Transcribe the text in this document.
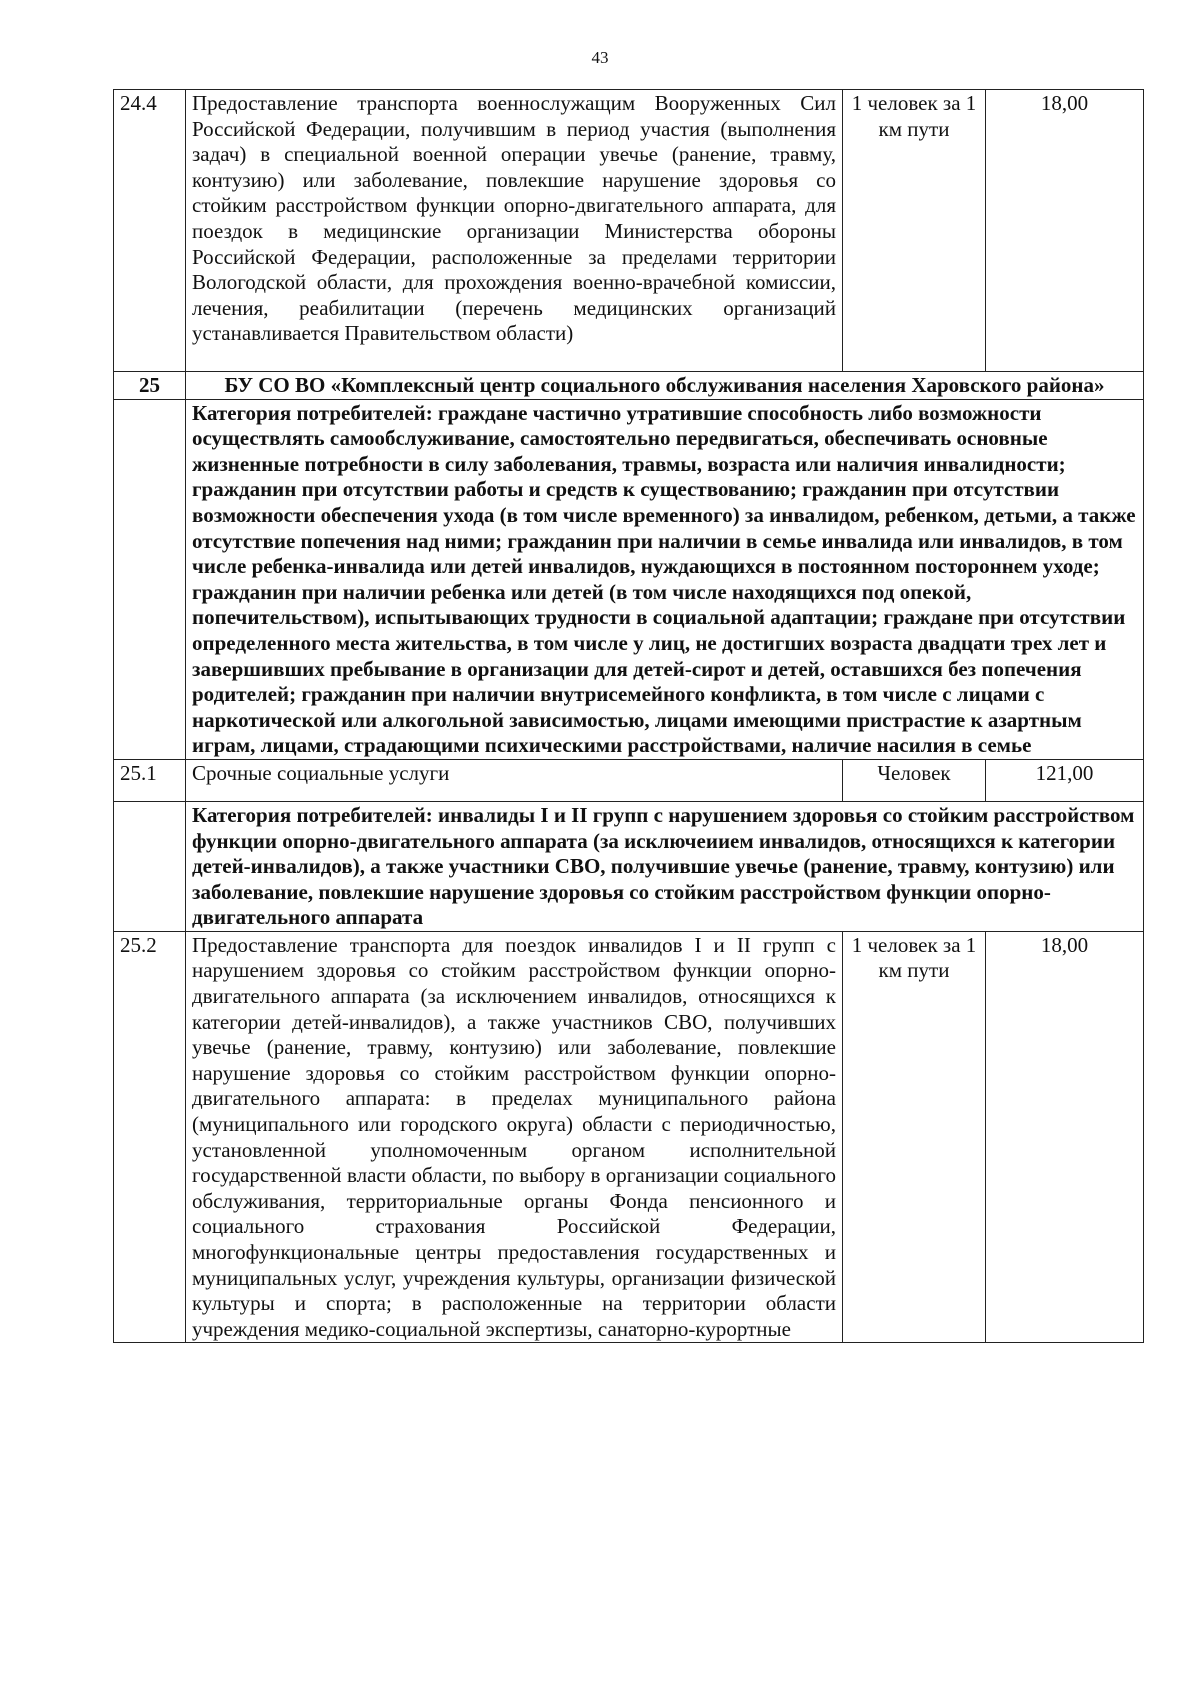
43
24.4	Предоставление транспорта военнослужащим Вооруженных Сил Российской Федерации, получившим в период участия (выполнения задач) в специальной военной операции увечье (ранение, травму, контузию) или заболевание, повлекшие нарушение здоровья со стойким расстройством функции опорно-двигательного аппарата, для поездок в медицинские организации Министерства обороны Российской Федерации, расположенные за пределами территории Вологодской области, для прохождения военно-врачебной комиссии, лечения, реабилитации (перечень медицинских организаций устанавливается Правительством области)	1 человек за 1 км пути	18,00
25	БУ СО ВО «Комплексный центр социального обслуживания населения Харовского района»		
	Категория потребителей: граждане частично утратившие способность либо возможности осуществлять самообслуживание, самостоятельно передвигаться, обеспечивать основные жизненные потребности в силу заболевания, травмы, возраста или наличия инвалидности; гражданин при отсутствии работы и средств к существованию; гражданин при отсутствии возможности обеспечения ухода (в том числе временного) за инвалидом, ребенком, детьми, а также отсутствие попечения над ними; гражданин при наличии в семье инвалида или инвалидов, в том числе ребенка-инвалида или детей инвалидов, нуждающихся в постоянном постороннем уходе; гражданин при наличии ребенка или детей (в том числе находящихся под опекой, попечительством), испытывающих трудности в социальной адаптации; граждане при отсутствии определенного места жительства, в том числе у лиц, не достигших возраста двадцати трех лет и завершивших пребывание в организации для детей-сирот и детей, оставшихся без попечения родителей; гражданин при наличии внутрисемейного конфликта, в том числе с лицами с наркотической или алкогольной зависимостью, лицами имеющими пристрастие к азартным играм, лицами, страдающими психическими расстройствами, наличие насилия в семье		
25.1	Срочные социальные услуги	Человек	121,00
	Категория потребителей: инвалиды I и II групп с нарушением здоровья со стойким расстройством функции опорно-двигательного аппарата (за исключеиием инвалидов, относящихся к категории детей-инвалидов), а также участники СВО, получившие увечье (ранение, травму, контузию) или заболевание, повлекшие нарушение здоровья со стойким расстройством функции опорно-двигательного аппарата		
25.2	Предоставление транспорта для поездок инвалидов I и II групп с нарушением здоровья со стойким расстройством функции опорно-двигательного аппарата (за исключением инвалидов, относящихся к категории детей-инвалидов), а также участников СВО, получивших увечье (ранение, травму, контузию) или заболевание, повлекшие нарушение здоровья со стойким расстройством функции опорно-двигательного аппарата: в пределах муниципального района (муниципального или городского округа) области с периодичностью, установленной уполномоченным органом исполнительной государственной власти области, по выбору в организации социального обслуживания, территориальные органы Фонда пенсионного и социального страхования Российской Федерации, многофункциональные центры предоставления государственных и муниципальных услуг, учреждения культуры, организации физической культуры и спорта; в расположенные на территории области учреждения медико-социальной экспертизы, санаторно-курортные	1 человек за 1 км пути	18,00
